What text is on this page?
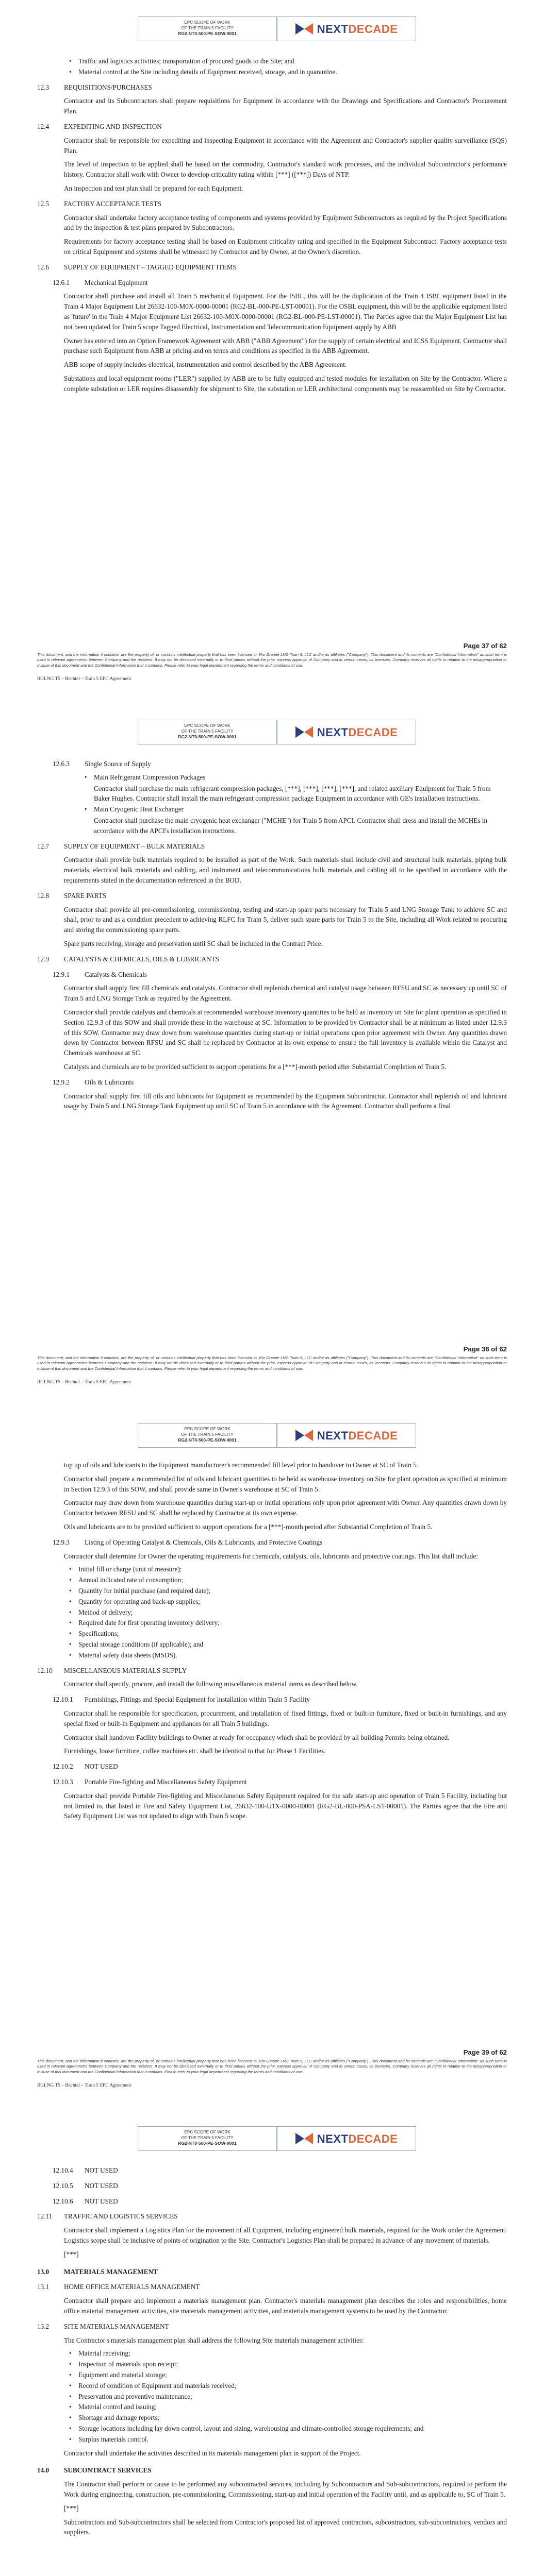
EPC SCOPE OF WORK
OF THE TRAIN 5 FACILITY
RG2-NT0-500-PE-SOW-0001	NEXTDECADE
• Traffic and logistics activities; transportation of procured goods to the Site; and
• Material control at the Site including details of Equipment received, storage, and in quarantine.
12.3	REQUISITIONS/PURCHASES

Contractor and its Subcontractors shall prepare requisitions for Equipment in accordance with the Drawings and Specifications and Contractor's Procurement Plan.

12.4	EXPEDITING AND INSPECTION

Contractor shall be responsible for expediting and inspecting Equipment in accordance with the Agreement and Contractor's supplier quality surveillance (SQS) Plan.

The level of inspection to be applied shall be based on the commodity, Contractor's standard work processes, and the individual Subcontractor's performance history. Contractor shall work with Owner to develop criticality rating within [***] ([***]) Days of NTP.

An inspection and test plan shall be prepared for each Equipment.

12.5	FACTORY ACCEPTANCE TESTS

Contractor shall undertake factory acceptance testing of components and systems provided by Equipment Subcontractors as required by the Project Specifications and by the inspection & test plans prepared by Subcontractors.

Requirements for factory acceptance testing shall be based on Equipment criticality rating and specified in the Equipment Subcontract. Factory acceptance tests on critical Equipment and systems shall be witnessed by Contractor and by Owner, at the Owner's discretion.

12.6	SUPPLY OF EQUIPMENT – TAGGED EQUIPMENT ITEMS
12.6.1	Mechanical Equipment

Contractor shall purchase and install all Train 5 mechanical Equipment. For the ISBL, this will be the duplication of the Train 4 ISBL equipment listed in the Train 4 Major Equipment List 26632-100-M0X-0000-00001 (RG2-BL-000-PE-LST-00001). For the OSBL equipment, this will be the applicable equipment listed as 'future' in the Train 4 Major Equipment List 26632-100-M0X-0000-00001 (RG2-BL-000-PE-LST-00001). The Parties agree that the Major Equipment List has not been updated for Train 5 scope Tagged Electrical, Instrumentation and Telecommunication Equipment supply by ABB

Owner has entered into an Option Framework Agreement with ABB ("ABB Agreement") for the supply of certain electrical and ICSS Equipment. Contractor shall purchase such Equipment from ABB at pricing and on terms and conditions as specified in the ABB Agreement.

ABB scope of supply includes electrical, instrumentation and control described by the ABB Agreement.

Substations and local equipment rooms ("LER") supplied by ABB are to be fully equipped and tested modules for installation on Site by the Contractor. Where a complete substation or LER requires disassembly for shipment to Site, the substation or LER architectural components may be reassembled on Site by Contractor.

Page 37 of 62
This document, and the information it contains, are the property of, or contains intellectual property that has been licensed to, Rio Grande LNG Train 5, LLC and/or its affiliates ("Company"). This document and its contents are "Confidential Information" as such term is used in relevant agreements between Company and the recipient. It may not be disclosed externally or to third parties without the prior, express approval of Company and in certain cases, its licensors. Company reserves all rights in relation to the misappropriation or misuse of this document and the Confidential Information that it contains. Please refer to your legal department regarding the terms and conditions of use.
RGLNG T5 – Bechtel – Train 5 EPC Agreement
EPC SCOPE OF WORK
OF THE TRAIN 5 FACILITY
RG2-NT0-500-PE-SOW-0001	NEXTDECADE
12.6.3	Single Source of Supply
• Main Refrigerant Compression Packages
Contractor shall purchase the main refrigerant compression packages, [***], [***], [***], [***], and related auxiliary Equipment for Train 5 from Baker Hughes. Contractor shall install the main refrigerant compression package Equipment in accordance with GE's installation instructions.
• Main Cryogenic Heat Exchanger
Contractor shall purchase the main cryogenic heat exchanger ("MCHE") for Train 5 from APCI. Contractor shall dress and install the MCHEs in accordance with the APCI's installation instructions.
12.7	SUPPLY OF EQUIPMENT – BULK MATERIALS

Contractor shall provide bulk materials required to be installed as part of the Work. Such materials shall include civil and structural bulk materials, piping bulk materials, electrical bulk materials and cabling, and instrument and telecommunications bulk materials and cabling all to be specified in accordance with the requirements stated in the documentation referenced in the BOD.

12.8	SPARE PARTS

Contractor shall provide all pre-commissioning, commissioning, testing and start-up spare parts necessary for Train 5 and LNG Storage Tank to achieve SC and shall, prior to and as a condition precedent to achieving RLFC for Train 5, deliver such spare parts for Train 5 to the Site, including all Work related to procuring and storing the commissioning spare parts.

Spare parts receiving, storage and preservation until SC shall be included in the Contract Price.

12.9	CATALYSTS & CHEMICALS, OILS & LUBRICANTS
12.9.1	Catalysts & Chemicals

Contractor shall supply first fill chemicals and catalysts. Contractor shall replenish chemical and catalyst usage between RFSU and SC as necessary up until SC of Train 5 and LNG Storage Tank as required by the Agreement.

Contractor shall provide catalysts and chemicals at recommended warehouse inventory quantities to be held as inventory on Site for plant operation as specified in Section 12.9.3 of this SOW and shall provide these in the warehouse at SC. Information to be provided by Contractor shall be at minimum as listed under 12.9.3 of this SOW. Contractor may draw down from warehouse quantities during start-up or initial operations upon prior agreement with Owner. Any quantities drawn down by Contractor between RFSU and SC shall be replaced by Contractor at its own expense to ensure the full inventory is available within the Catalyst and Chemicals warehouse at SC.

Catalysts and chemicals are to be provided sufficient to support operations for a [***]-month period after Substantial Completion of Train 5.

12.9.2	Oils & Lubricants

Contractor shall supply first fill oils and lubricants for Equipment as recommended by the Equipment Subcontractor. Contractor shall replenish oil and lubricant usage by Train 5 and LNG Storage Tank Equipment up until SC of Train 5 in accordance with the Agreement. Contractor shall perform a final

Page 38 of 62
This document, and the information it contains, are the property of, or contains intellectual property that has been licensed to, Rio Grande LNG Train 5, LLC and/or its affiliates ("Company"). This document and its contents are "Confidential Information" as such term is used in relevant agreements between Company and the recipient. It may not be disclosed externally or to third parties without the prior, express approval of Company and in certain cases, its licensors. Company reserves all rights in relation to the misappropriation or misuse of this document and the Confidential Information that it contains. Please refer to your legal department regarding the terms and conditions of use.
RGLNG T5 – Bechtel – Train 5 EPC Agreement
EPC SCOPE OF WORK
OF THE TRAIN 5 FACILITY
RG2-NT0-500-PE-SOW-0001	NEXTDECADE

top up of oils and lubricants to the Equipment manufacturer's recommended fill level prior to handover to Owner at SC of Train 5.

Contractor shall prepare a recommended list of oils and lubricant quantities to be held as warehouse inventory on Site for plant operation as specified at minimum in Section 12.9.3 of this SOW, and shall provide same in Owner's warehouse at SC of Train 5.

Contractor may draw down from warehouse quantities during start-up or initial operations only upon prior agreement with Owner. Any quantities drawn down by Contractor between RFSU and SC shall be replaced by Contractor at its own expense.

Oils and lubricants are to be provided sufficient to support operations for a [***]-month period after Substantial Completion of Train 5.

12.9.3	Listing of Operating Catalyst & Chemicals, Oils & Lubricants, and Protective Coatings

Contractor shall determine for Owner the operating requirements for chemicals, catalysts, oils, lubricants and protective coatings. This list shall include:

• Initial fill or charge (unit of measure);
• Annual indicated rate of consumption;
• Quantity for initial purchase (and required date);
• Quantity for operating and back-up supplies;
• Method of delivery;
• Required date for first operating inventory delivery;
• Specifications;
• Special storage conditions (if applicable); and
• Material safety data sheets (MSDS).
12.10	MISCELLANEOUS MATERIALS SUPPLY

Contractor shall specify, procure, and install the following miscellaneous material items as described below.

12.10.1	Furnishings, Fittings and Special Equipment for installation within Train 5 Facility

Contractor shall be responsible for specification, procurement, and installation of fixed fittings, fixed or built-in furniture, fixed or built-in furnishings, and any special fixed or built-in Equipment and appliances for all Train 5 buildings.

Contractor shall handover Facility buildings to Owner at ready for occupancy which shall be provided by all building Permits being obtained.

Furnishings, loose furniture, coffee machines etc. shall be identical to that for Phase 1 Facilities.

12.10.2	NOT USED
12.10.3	Portable Fire-fighting and Miscellaneous Safety Equipment

Contractor shall provide Portable Fire-fighting and Miscellaneous Safety Equipment required for the safe start-up and operation of Train 5 Facility, including but not limited to, that listed in Fire and Safety Equipment List, 26632-100-U1X-0000-00001 (RG2-BL-000-PSA-LST-00001). The Parties agree that the Fire and Safety Equipment List was not updated to align with Train 5 scope.

Page 39 of 62
This document, and the information it contains, are the property of, or contains intellectual property that has been licensed to, Rio Grande LNG Train 5, LLC and/or its affiliates ("Company"). This document and its contents are "Confidential Information" as such term is used in relevant agreements between Company and the recipient. It may not be disclosed externally or to third parties without the prior, express approval of Company and in certain cases, its licensors. Company reserves all rights in relation to the misappropriation or misuse of this document and the Confidential Information that it contains. Please refer to your legal department regarding the terms and conditions of use.
RGLNG T5 – Bechtel – Train 5 EPC Agreement
EPC SCOPE OF WORK
OF THE TRAIN 5 FACILITY
RG2-NT0-500-PE-SOW-0001	NEXTDECADE
12.10.4	NOT USED
12.10.5	NOT USED
12.10.6	NOT USED
12.11	TRAFFIC AND LOGISTICS SERVICES

Contractor shall implement a Logistics Plan for the movement of all Equipment, including engineered bulk materials, required for the Work under the Agreement. Logistics scope shall be inclusive of points of origination to the Site. Contractor's Logistics Plan shall be prepared in advance of any movement of materials.

[***]

13.0	MATERIALS MANAGEMENT
13.1	HOME OFFICE MATERIALS MANAGEMENT

Contractor shall prepare and implement a materials management plan. Contractor's materials management plan describes the roles and responsibilities, home office material management activities, site materials management activities, and materials management systems to be used by the Contractor.

13.2	SITE MATERIALS MANAGEMENT

The Contractor's materials management plan shall address the following Site materials management activities:

• Material receiving;
• Inspection of materials upon receipt;
• Equipment and material storage;
• Record of condition of Equipment and materials received;
• Preservation and preventive maintenance;
• Material control and issuing;
• Shortage and damage reports;
• Storage locations including lay down control, layout and sizing, warehousing and climate-controlled storage requirements; and
• Surplus materials control.

Contractor shall undertake the activities described in its materials management plan in support of the Project.

14.0	SUBCONTRACT SERVICES

The Contractor shall perform or cause to be performed any subcontracted services, including by Subcontractors and Sub-subcontractors, required to perform the Work during engineering, construction, pre-commissioning, Commissioning, start-up and initial operation of the Facility until, and as applicable to, SC of Train 5.

[***]

Subcontractors and Sub-subcontractors shall be selected from Contractor's proposed list of approved contractors, subcontractors, sub-subcontractors, vendors and suppliers.
